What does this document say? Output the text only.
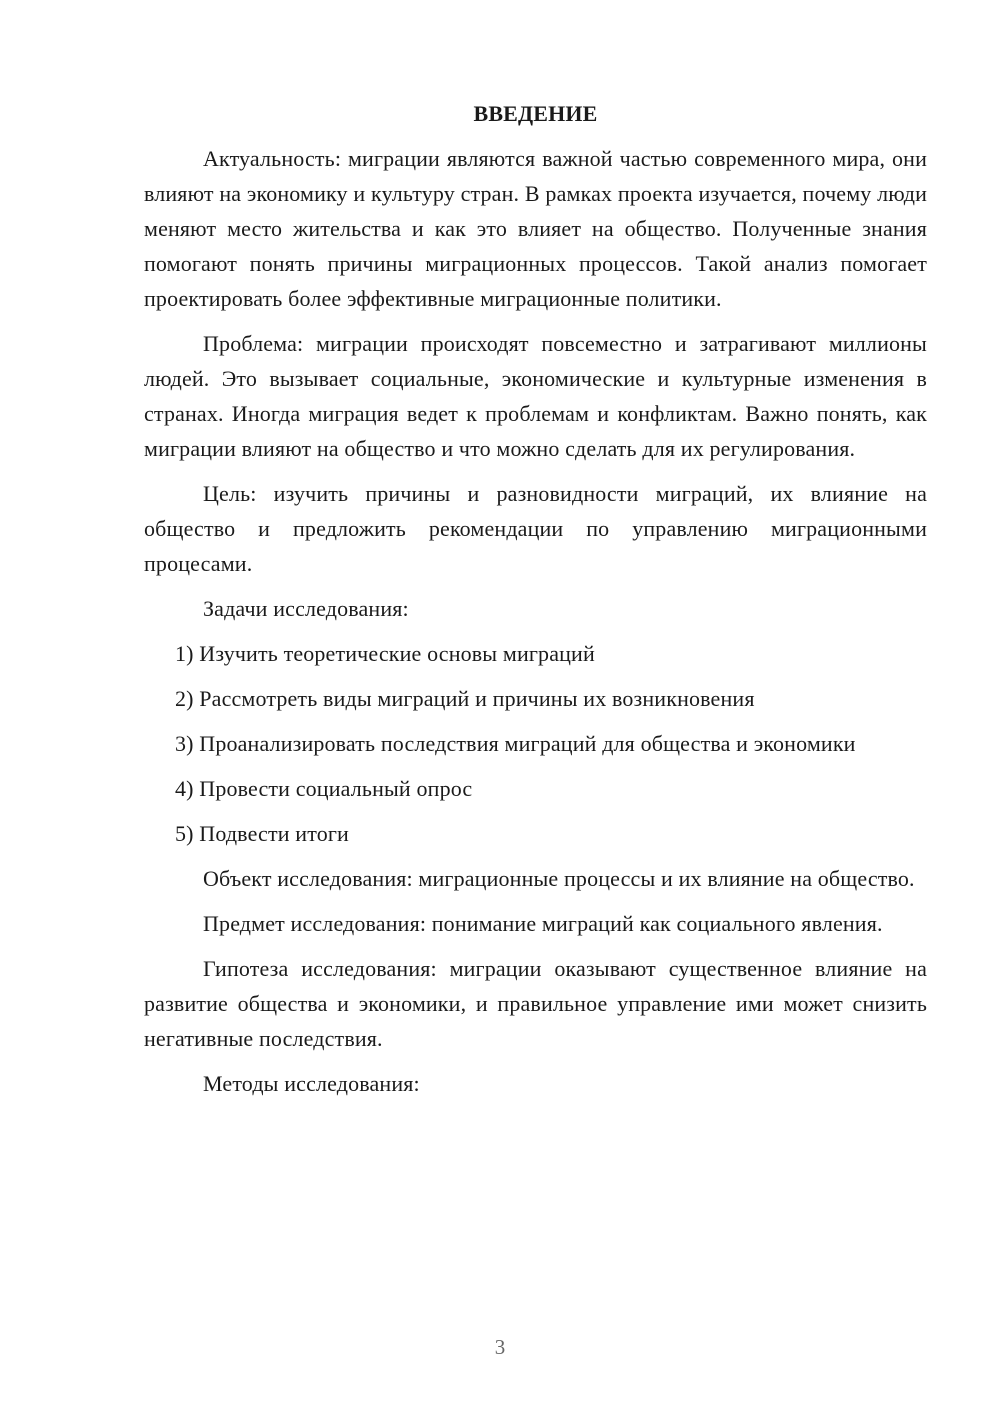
ВВЕДЕНИЕ

Актуальность: миграции являются важной частью современного мира, они влияют на экономику и культуру стран. В рамках проекта изучается, почему люди меняют место жительства и как это влияет на общество. Полученные знания помогают понять причины миграционных процессов. Такой анализ помогает проектировать более эффективные миграционные политики.

Проблема: миграции происходят повсеместно и затрагивают миллионы людей. Это вызывает социальные, экономические и культурные изменения в странах. Иногда миграция ведет к проблемам и конфликтам. Важно понять, как миграции влияют на общество и что можно сделать для их регулирования.

Цель: изучить причины и разновидности миграций, их влияние на общество и предложить рекомендации по управлению миграционными процесами.

Задачи исследования:

1) Изучить теоретические основы миграций

2) Рассмотреть виды миграций и причины их возникновения

3) Проанализировать последствия миграций для общества и экономики

4) Провести социальный опрос

5) Подвести итоги

Объект исследования: миграционные процессы и их влияние на общество.

Предмет исследования: понимание миграций как социального явления.

Гипотеза исследования: миграции оказывают существенное влияние на развитие общества и экономики, и правильное управление ими может снизить негативные последствия.

Методы исследования:

3
